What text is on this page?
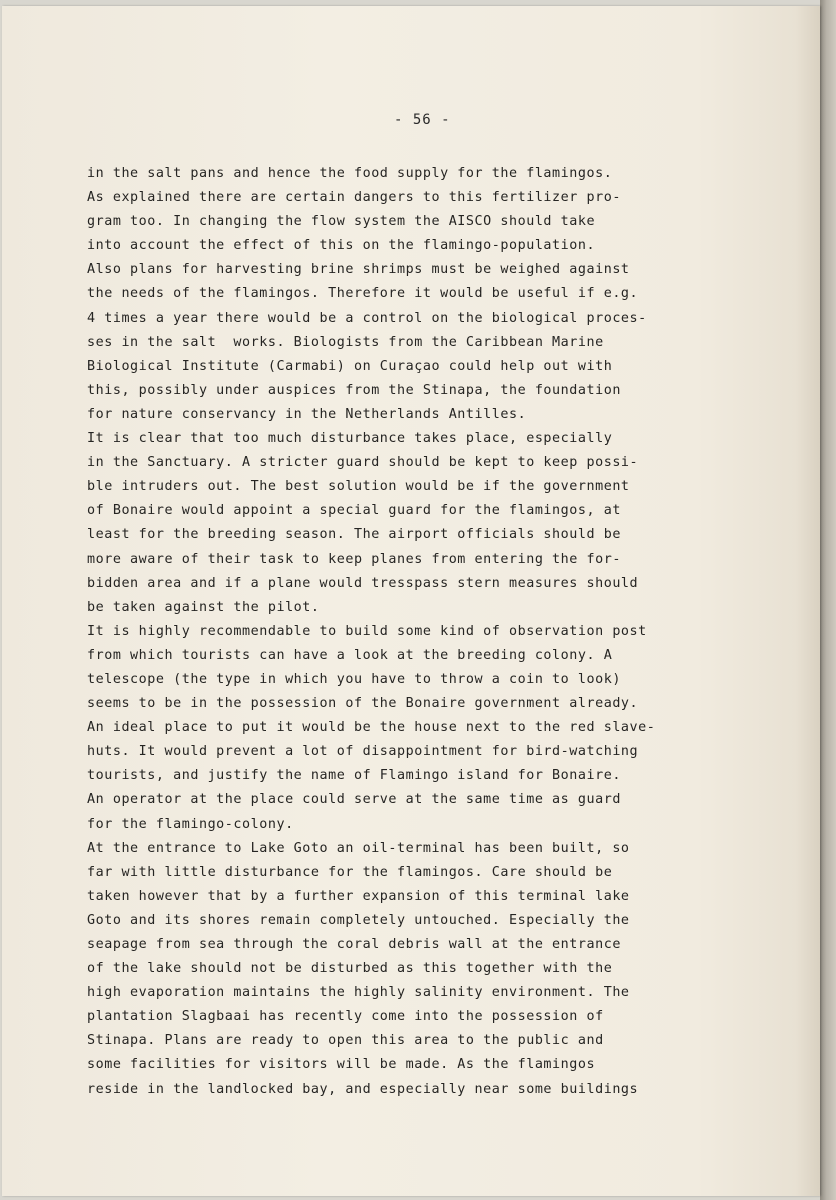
- 56 -
in the salt pans and hence the food supply for the flamingos.
As explained there are certain dangers to this fertilizer pro-
gram too. In changing the flow system the AISCO should take
into account the effect of this on the flamingo-population.
Also plans for harvesting brine shrimps must be weighed against
the needs of the flamingos. Therefore it would be useful if e.g.
4 times a year there would be a control on the biological proces-
ses in the salt  works. Biologists from the Caribbean Marine
Biological Institute (Carmabi) on Curaçao could help out with
this, possibly under auspices from the Stinapa, the foundation
for nature conservancy in the Netherlands Antilles.
It is clear that too much disturbance takes place, especially
in the Sanctuary. A stricter guard should be kept to keep possi-
ble intruders out. The best solution would be if the government
of Bonaire would appoint a special guard for the flamingos, at
least for the breeding season. The airport officials should be
more aware of their task to keep planes from entering the for-
bidden area and if a plane would tresspass stern measures should
be taken against the pilot.
It is highly recommendable to build some kind of observation post
from which tourists can have a look at the breeding colony. A
telescope (the type in which you have to throw a coin to look)
seems to be in the possession of the Bonaire government already.
An ideal place to put it would be the house next to the red slave-
huts. It would prevent a lot of disappointment for bird-watching
tourists, and justify the name of Flamingo island for Bonaire.
An operator at the place could serve at the same time as guard
for the flamingo-colony.
At the entrance to Lake Goto an oil-terminal has been built, so
far with little disturbance for the flamingos. Care should be
taken however that by a further expansion of this terminal lake
Goto and its shores remain completely untouched. Especially the
seapage from sea through the coral debris wall at the entrance
of the lake should not be disturbed as this together with the
high evaporation maintains the highly salinity environment. The
plantation Slagbaai has recently come into the possession of
Stinapa. Plans are ready to open this area to the public and
some facilities for visitors will be made. As the flamingos
reside in the landlocked bay, and especially near some buildings
